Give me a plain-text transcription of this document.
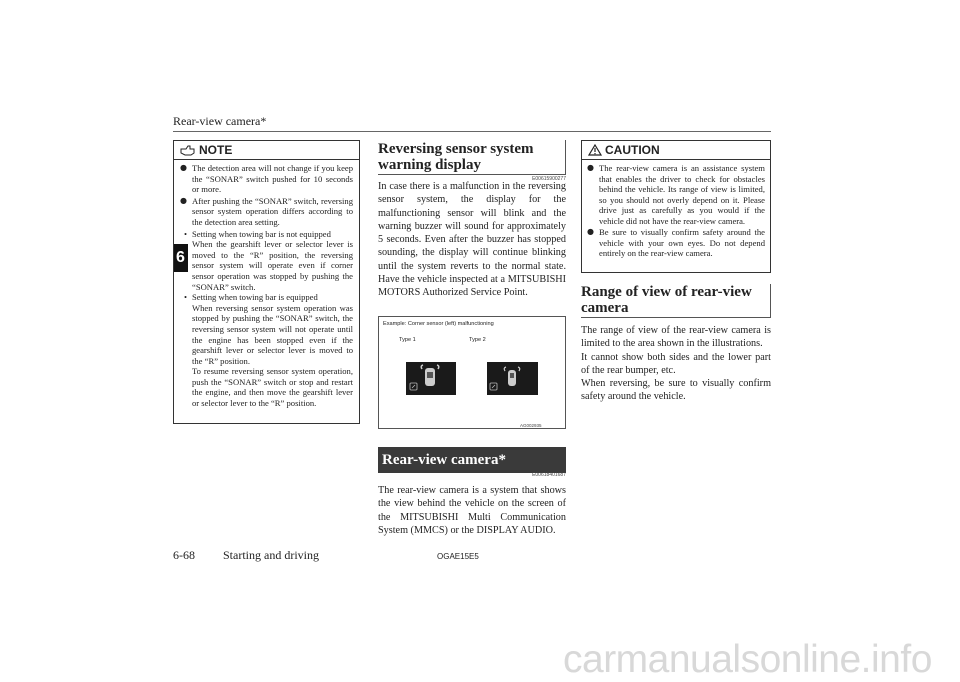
Rear-view camera*
6
NOTE
● The detection area will not change if you keep the “SONAR” switch pushed for 10 seconds or more.
● After pushing the “SONAR” switch, reversing sensor system operation differs according to the detection area setting.
• Setting when towing bar is not equipped
When the gearshift lever or selector lever is moved to the “R” position, the reversing sensor system will operate even if corner sensor operation was stopped by pushing the “SONAR” switch.
• Setting when towing bar is equipped
When reversing sensor system operation was stopped by pushing the “SONAR” switch, the reversing sensor system will not operate until the engine has been stopped even if the gearshift lever or selector lever is moved to the “R” position.
To resume reversing sensor system operation, push the “SONAR” switch or stop and restart the engine, and then move the gearshift lever or selector lever to the “R” position.
Reversing sensor system warning display
E00615900277
In case there is a malfunction in the reversing sensor system, the display for the malfunctioning sensor will blink and the warning buzzer will sound for approximately 5 seconds. Even after the buzzer has stopped sounding, the display will continue blinking until the system reverts to the normal state. Have the vehicle inspected at a MITSUBISHI MOTORS Authorized Service Point.
Example: Corner sensor (left) malfunctioning
Type 1	Type 2
AG002935
Rear-view camera*
E00618401687
The rear-view camera is a system that shows the view behind the vehicle on the screen of the MITSUBISHI Multi Communication System (MMCS) or the DISPLAY AUDIO.
CAUTION
● The rear-view camera is an assistance system that enables the driver to check for obstacles behind the vehicle. Its range of view is limited, so you should not overly depend on it. Please drive just as carefully as you would if the vehicle did not have the rear-view camera.
● Be sure to visually confirm safety around the vehicle with your own eyes. Do not depend entirely on the rear-view camera.
Range of view of rear-view camera
The range of view of the rear-view camera is limited to the area shown in the illustrations.
It cannot show both sides and the lower part of the rear bumper, etc.
When reversing, be sure to visually confirm safety around the vehicle.
6-68 Starting and driving	OGAE15E5
carmanualsonline.info
